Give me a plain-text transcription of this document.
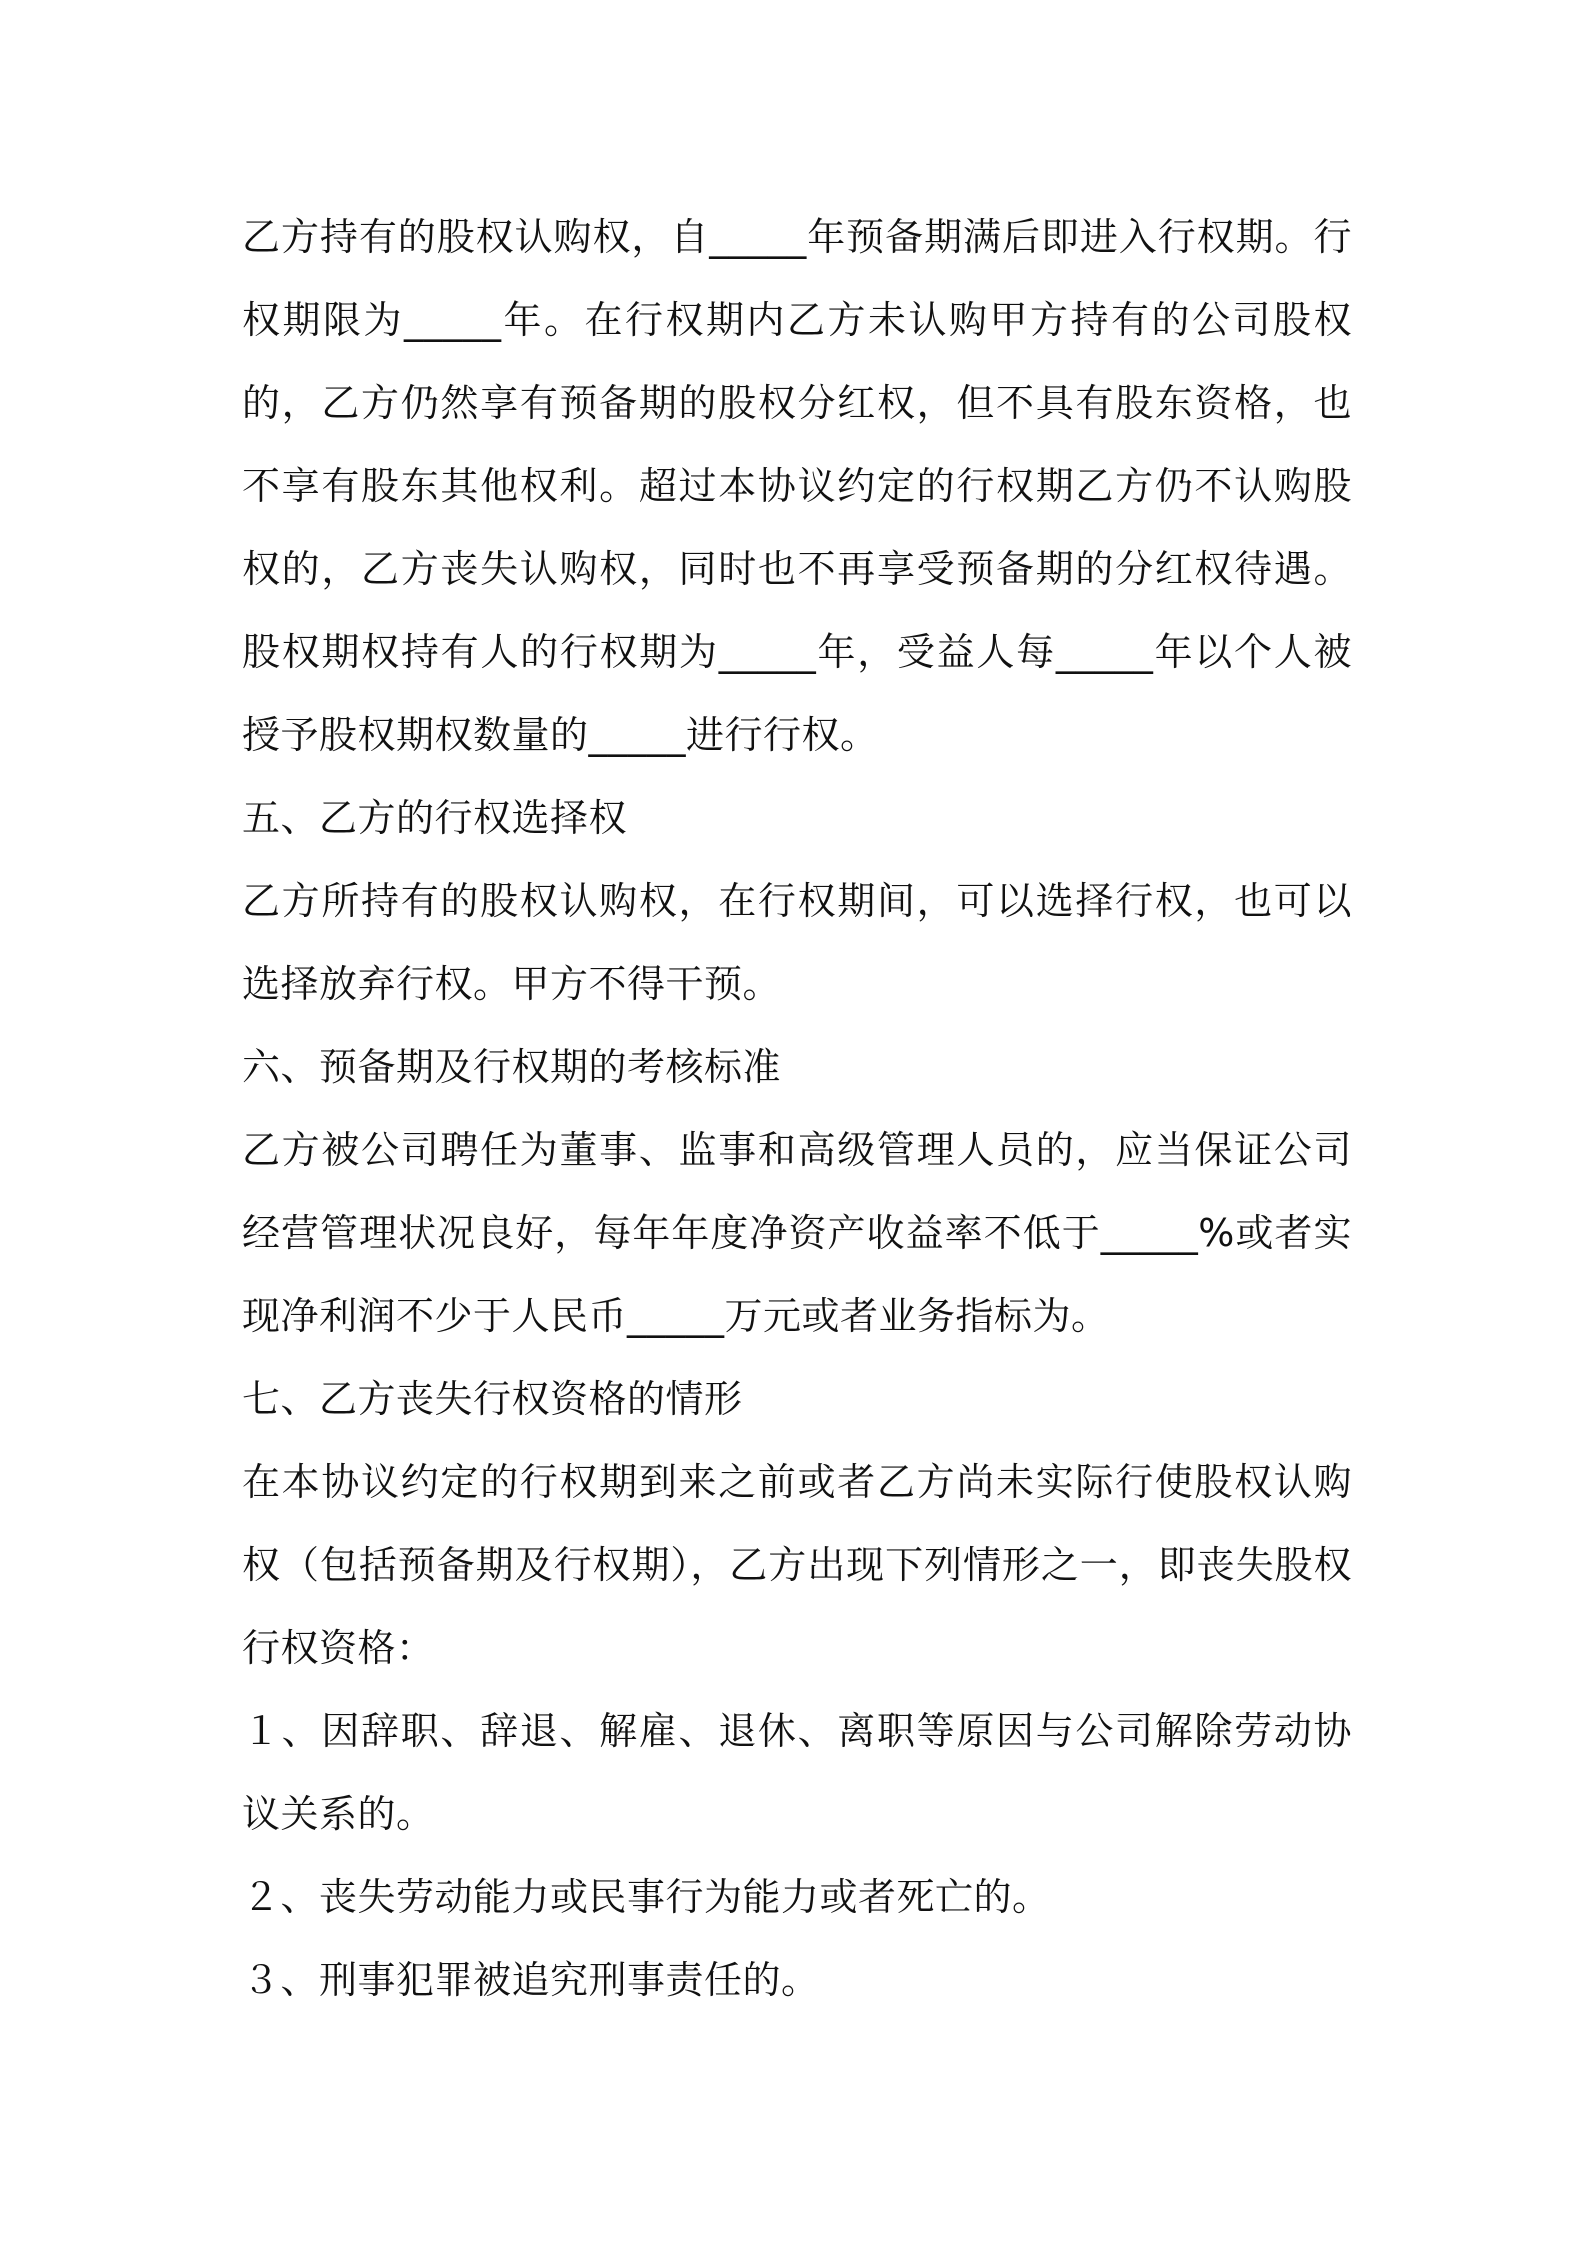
乙方持有的股权认购权，自_____年预备期满后即进入行权期。行权期限为_____年。在行权期内乙方未认购甲方持有的公司股权的，乙方仍然享有预备期的股权分红权，但不具有股东资格，也不享有股东其他权利。超过本协议约定的行权期乙方仍不认购股权的，乙方丧失认购权，同时也不再享受预备期的分红权待遇。股权期权持有人的行权期为_____年，受益人每_____年以个人被授予股权期权数量的_____进行行权。

五、乙方的行权选择权

乙方所持有的股权认购权，在行权期间，可以选择行权，也可以选择放弃行权。甲方不得干预。

六、预备期及行权期的考核标准

乙方被公司聘任为董事、监事和高级管理人员的，应当保证公司经营管理状况良好，每年年度净资产收益率不低于_____%或者实现净利润不少于人民币_____万元或者业务指标为。

七、乙方丧失行权资格的情形

在本协议约定的行权期到来之前或者乙方尚未实际行使股权认购权（包括预备期及行权期），乙方出现下列情形之一，即丧失股权行权资格：

１、因辞职、辞退、解雇、退休、离职等原因与公司解除劳动协议关系的。

２、丧失劳动能力或民事行为能力或者死亡的。

３、刑事犯罪被追究刑事责任的。
